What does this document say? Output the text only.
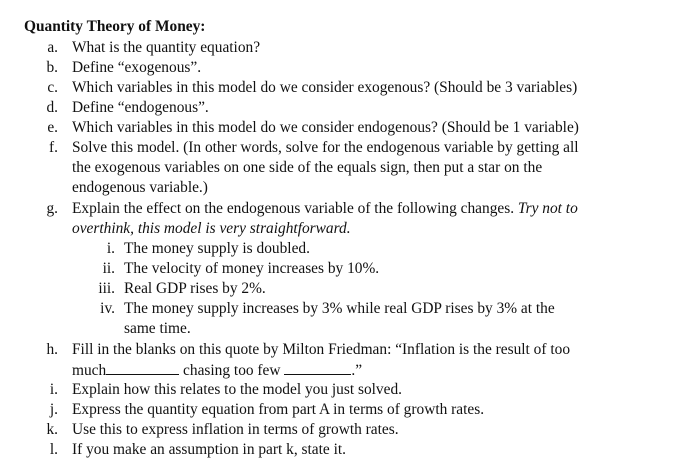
Quantity Theory of Money:
a. What is the quantity equation?
b. Define “exogenous”.
c. Which variables in this model do we consider exogenous? (Should be 3 variables)
d. Define “endogenous”.
e. Which variables in this model do we consider endogenous? (Should be 1 variable)
f. Solve this model. (In other words, solve for the endogenous variable by getting all
the exogenous variables on one side of the equals sign, then put a star on the
endogenous variable.)
g. Explain the effect on the endogenous variable of the following changes. Try not to
overthink, this model is very straightforward.
i. The money supply is doubled.
ii. The velocity of money increases by 10%.
iii. Real GDP rises by 2%.
iv. The money supply increases by 3% while real GDP rises by 3% at the
same time.
h. Fill in the blanks on this quote by Milton Friedman: “Inflation is the result of too
much	chasing too few	.”
i. Explain how this relates to the model you just solved.
j. Express the quantity equation from part A in terms of growth rates.
k. Use this to express inflation in terms of growth rates.
l. If you make an assumption in part k, state it.
